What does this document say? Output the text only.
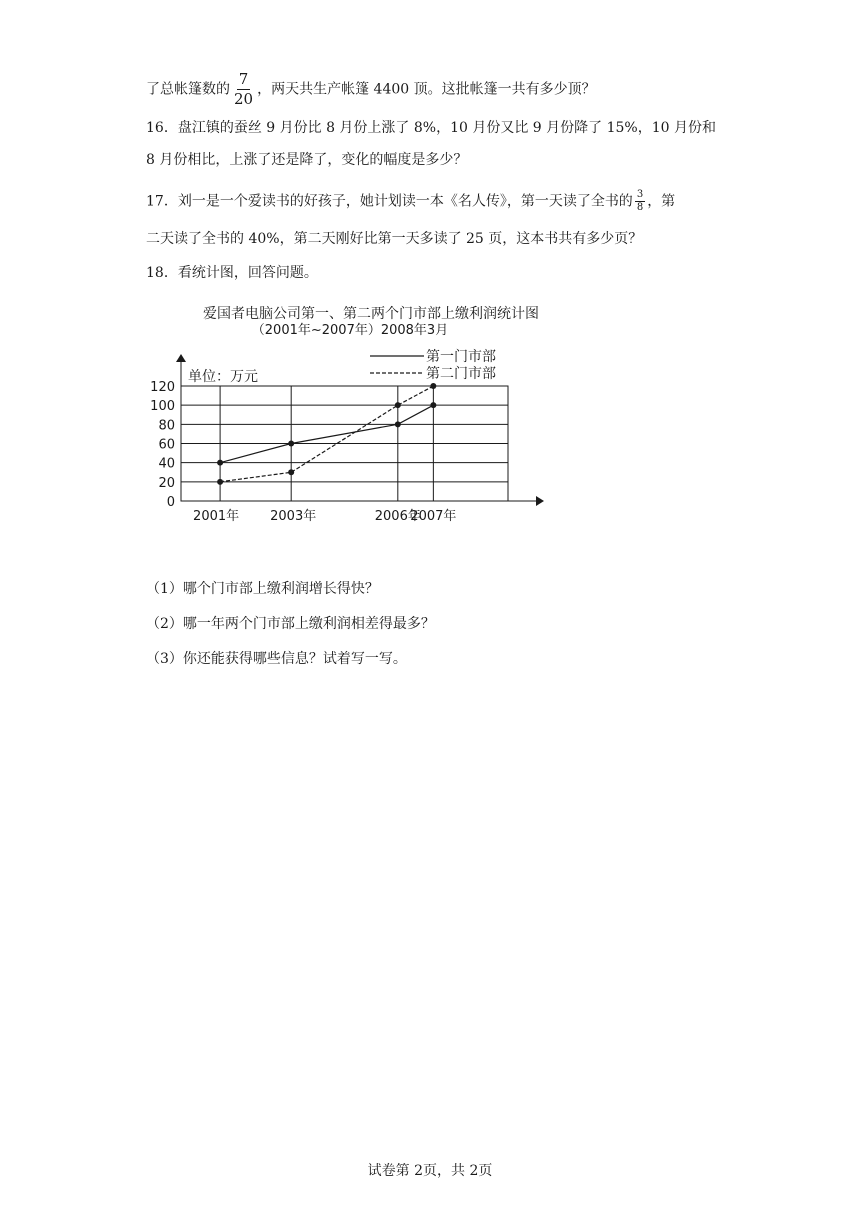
了总帐篷数的 $\frac{7}{20}$ ，两天共生产帐篷 4400 顶。这批帐篷一共有多少顶？
16．盘江镇的蚕丝 9 月份比 8 月份上涨了 8%，10 月份又比 9 月份降了 15%，10 月份和
8 月份相比，上涨了还是降了，变化的幅度是多少？
17．刘一是一个爱读书的好孩子，她计划读一本《名人传》，第一天读了全书的 $\frac{3}{8}$ ，第
二天读了全书的 40%，第二天刚好比第一天多读了 25 页，这本书共有多少页？
18．看统计图，回答问题。
爱国者电脑公司第一、第二两个门市部上缴利润统计图
（2001年~2007年）2008年3月
单位：万元
0
20
40
60
80
100
120
2001年 2003年	2006年
2007年
第一门市部
第二门市部
（1）哪个门市部上缴利润增长得快？
（2）哪一年两个门市部上缴利润相差得最多？
（3）你还能获得哪些信息？试着写一写。
试卷第 2页，共 2页
